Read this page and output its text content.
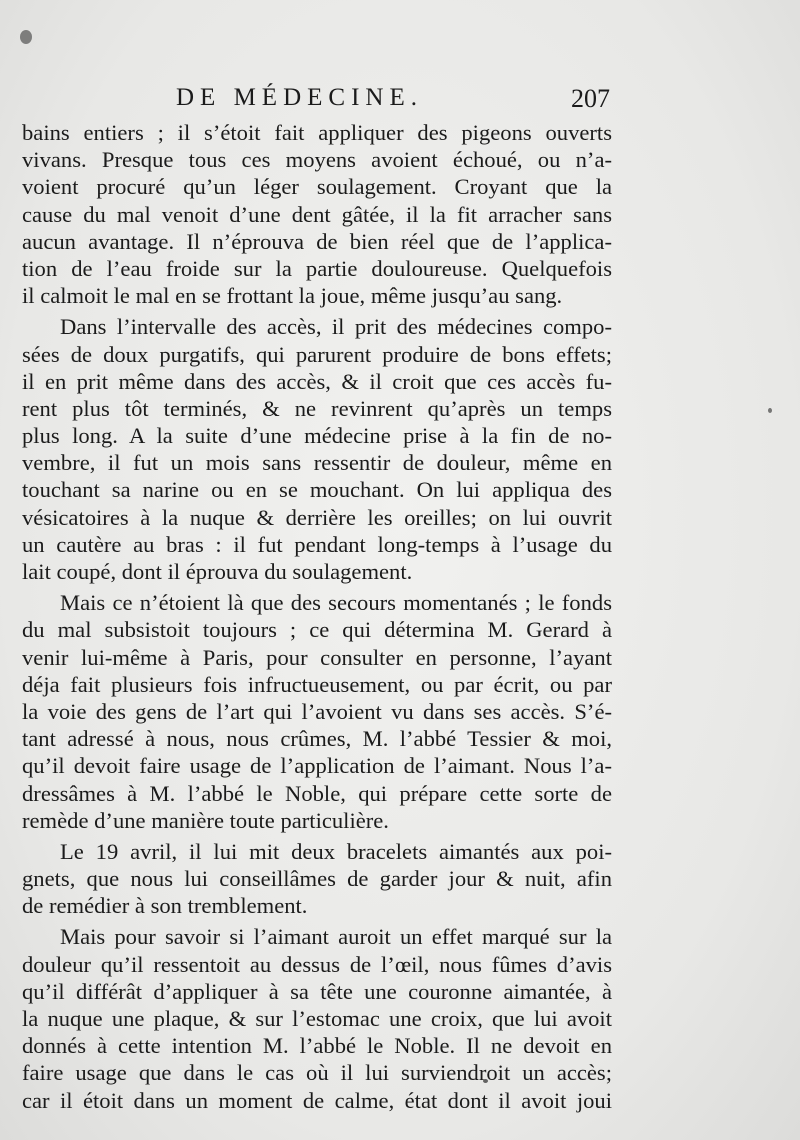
DE MÉDECINE.	207
bains entiers ; il s’étoit fait appliquer des pigeons ouverts
vivans. Presque tous ces moyens avoient échoué, ou n’a-
voient procuré qu’un léger soulagement. Croyant que la
cause du mal venoit d’une dent gâtée, il la fit arracher sans
aucun avantage. Il n’éprouva de bien réel que de l’applica-
tion de l’eau froide sur la partie douloureuse. Quelquefois
il calmoit le mal en se frottant la joue, même jusqu’au sang.
Dans l’intervalle des accès, il prit des médecines compo-
sées de doux purgatifs, qui parurent produire de bons effets;
il en prit même dans des accès, & il croit que ces accès fu-
rent plus tôt terminés, & ne revinrent qu’après un temps
plus long. A la suite d’une médecine prise à la fin de no-
vembre, il fut un mois sans ressentir de douleur, même en
touchant sa narine ou en se mouchant. On lui appliqua des
vésicatoires à la nuque & derrière les oreilles; on lui ouvrit
un cautère au bras : il fut pendant long-temps à l’usage du
lait coupé, dont il éprouva du soulagement.
Mais ce n’étoient là que des secours momentanés ; le fonds
du mal subsistoit toujours ; ce qui détermina M. Gerard à
venir lui-même à Paris, pour consulter en personne, l’ayant
déja fait plusieurs fois infructueusement, ou par écrit, ou par
la voie des gens de l’art qui l’avoient vu dans ses accès. S’é-
tant adressé à nous, nous crûmes, M. l’abbé Tessier & moi,
qu’il devoit faire usage de l’application de l’aimant. Nous l’a-
dressâmes à M. l’abbé le Noble, qui prépare cette sorte de
remède d’une manière toute particulière.
Le 19 avril, il lui mit deux bracelets aimantés aux poi-
gnets, que nous lui conseillâmes de garder jour & nuit, afin
de remédier à son tremblement.
Mais pour savoir si l’aimant auroit un effet marqué sur la
douleur qu’il ressentoit au dessus de l’œil, nous fûmes d’avis
qu’il différât d’appliquer à sa tête une couronne aimantée, à
la nuque une plaque, & sur l’estomac une croix, que lui avoit
donnés à cette intention M. l’abbé le Noble. Il ne devoit en
faire usage que dans le cas où il lui surviendroit un accès;
car il étoit dans un moment de calme, état dont il avoit joui
